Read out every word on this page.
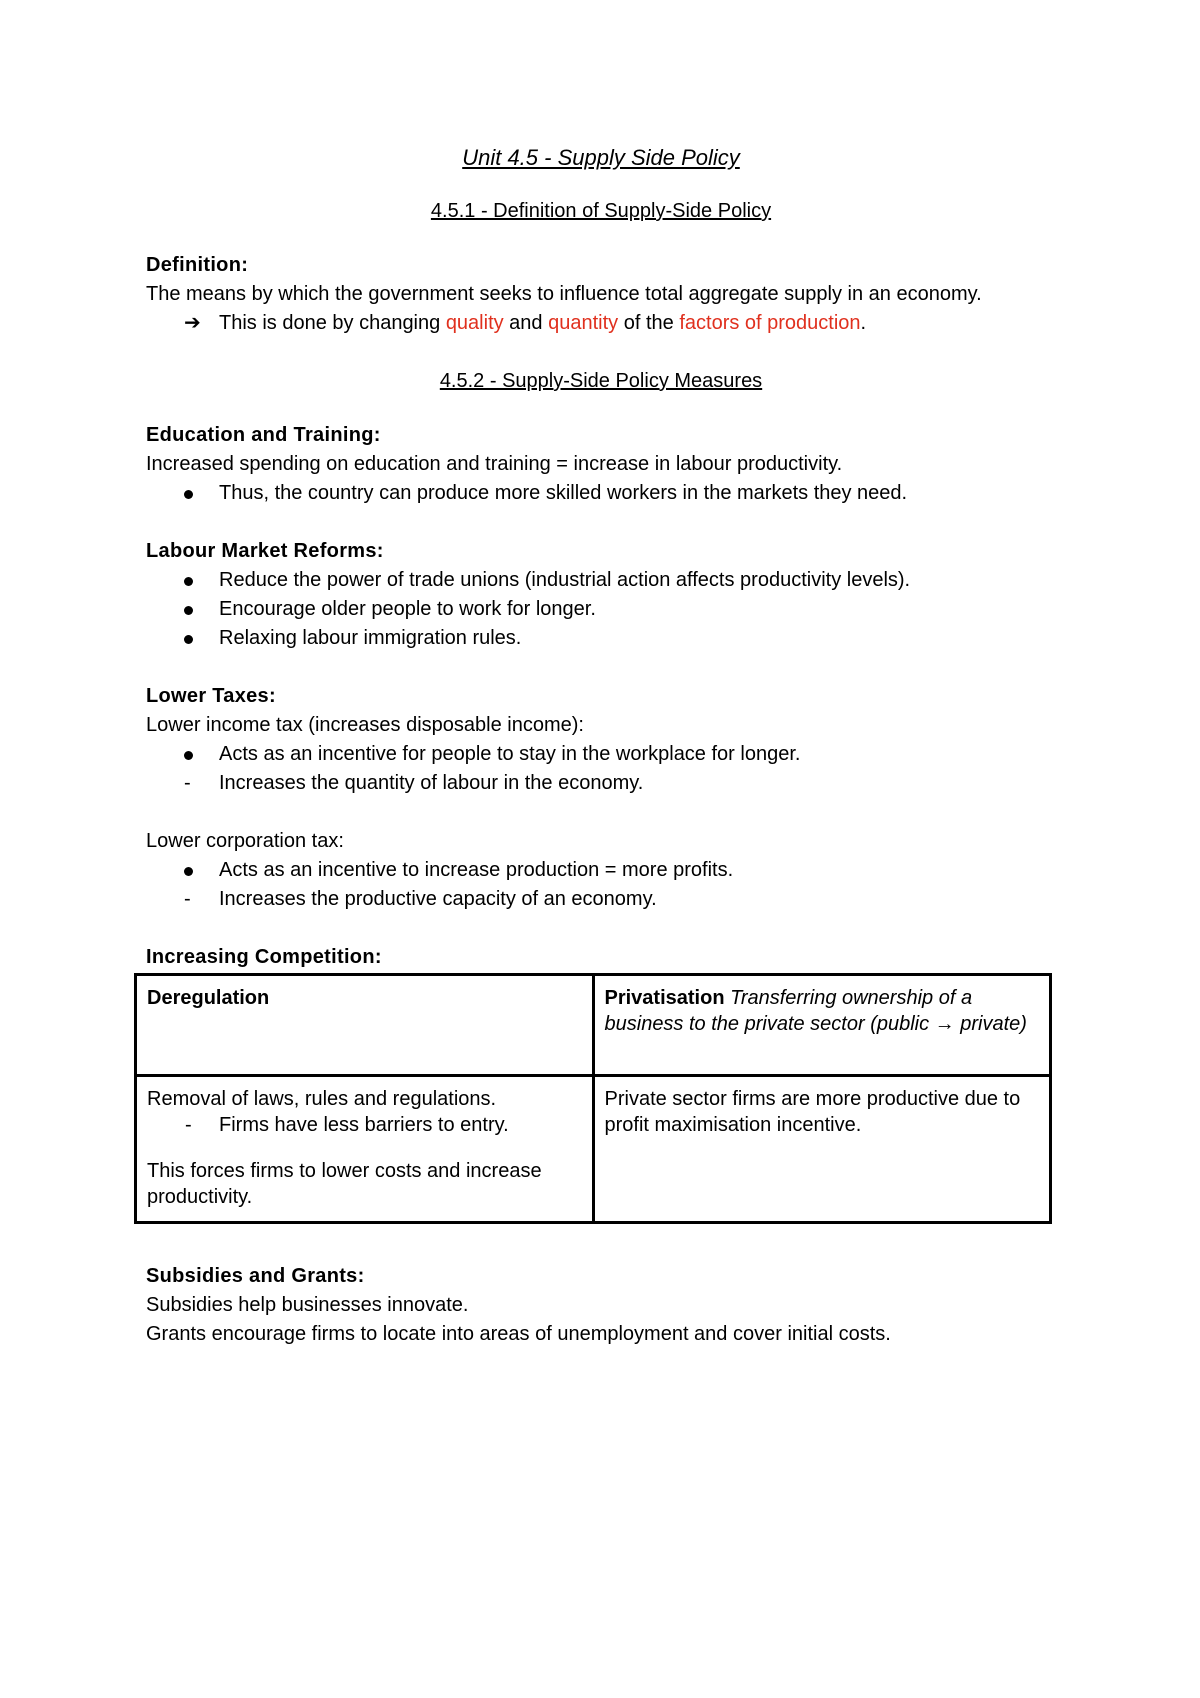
Unit 4.5 - Supply Side Policy
4.5.1 - Definition of Supply-Side Policy

Definition:

The means by which the government seeks to influence total aggregate supply in an economy.

➔ This is done by changing quality and quantity of the factors of production.
4.5.2 - Supply-Side Policy Measures

Education and Training:

Increased spending on education and training = increase in labour productivity.

Thus, the country can produce more skilled workers in the markets they need.

Labour Market Reforms:

Reduce the power of trade unions (industrial action affects productivity levels).
Encourage older people to work for longer.
Relaxing labour immigration rules.

Lower Taxes:

Lower income tax (increases disposable income):

Acts as an incentive for people to stay in the workplace for longer.
-	Increases the quantity of labour in the economy.

Lower corporation tax:

Acts as an incentive to increase production = more profits.
-	Increases the productive capacity of an economy.

Increasing Competition:

Deregulation	Privatisation Transferring ownership of a business to the private sector (public → private)

Removal of laws, rules and regulations.
- Firms have less barriers to entry.
This forces firms to lower costs and increase productivity.	Private sector firms are more productive due to profit maximisation incentive.

Subsidies and Grants:

Subsidies help businesses innovate.

Grants encourage firms to locate into areas of unemployment and cover initial costs.
